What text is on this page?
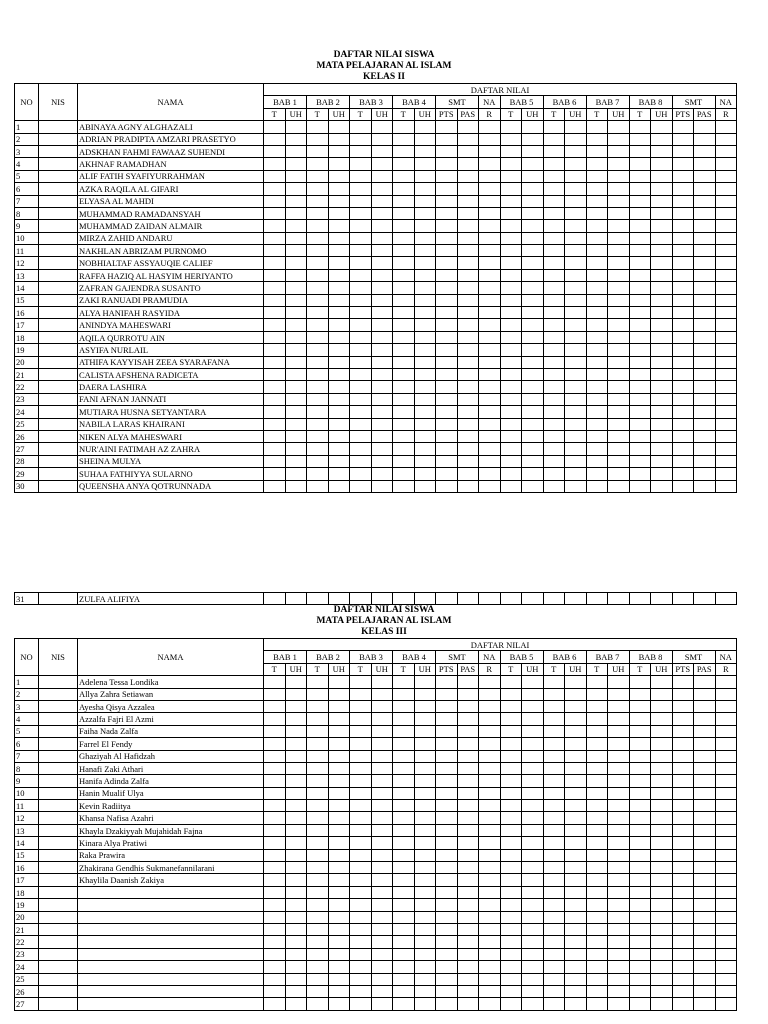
DAFTAR NILAI SISWA
MATA PELAJARAN AL ISLAM
KELAS II
NO	NIS	NAMA	DAFTAR NILAI																					
			BAB 1		BAB 2		BAB 3		BAB 4		SMT		NA	BAB 5		BAB 6		BAB 7		BAB 8		SMT		NA
			T	UH	T	UH	T	UH	T	UH	PTS	PAS	R	T	UH	T	UH	T	UH	T	UH	PTS	PAS	R
1		ABINAYA AGNY ALGHAZALI																						
2		ADRIAN PRADIPTA AMZARI PRASETYO																						
3		ADSKHAN FAHMI FAWAAZ SUHENDI																						
4		AKHNAF RAMADHAN																						
5		ALIF FATIH SYAFIYURRAHMAN																						
6		AZKA RAQILA AL GIFARI																						
7		ELYASA AL MAHDI																						
8		MUHAMMAD RAMADANSYAH																						
9		MUHAMMAD ZAIDAN ALMAIR																						
10		MIRZA ZAHID ANDARU																						
11		NAKHLAN ABRIZAM PURNOMO																						
12		NOBHIALTAF ASSYAUQIE CALIEF																						
13		RAFFA HAZIQ AL HASYIM HERIYANTO																						
14		ZAFRAN GAJENDRA SUSANTO																						
15		ZAKI RANUADI PRAMUDIA																						
16		ALYA HANIFAH RASYIDA																						
17		ANINDYA MAHESWARI																						
18		AQILA QURROTU AIN																						
19		ASYIFA NURLAIL																						
20		ATHIFA KAYYISAH ZEEA SYARAFANA																						
21		CALISTA AFSHENA RADICETA																						
22		DAERA LASHIRA																						
23		FANI AFNAN JANNATI																						
24		MUTIARA HUSNA SETYANTARA																						
25		NABILA LARAS KHAIRANI																						
26		NIKEN ALYA MAHESWARI																						
27		NUR'AINI FATIMAH AZ ZAHRA																						
28		SHEINA MULYA																						
29		SUHAA FATHIYYA SULARNO																						
30		QUEENSHA ANYA QOTRUNNADA																						
31		ZULFA ALIFIYA																						
DAFTAR NILAI SISWA
MATA PELAJARAN AL ISLAM
KELAS III
NO	NIS	NAMA	DAFTAR NILAI																					
			BAB 1		BAB 2		BAB 3		BAB 4		SMT		NA	BAB 5		BAB 6		BAB 7		BAB 8		SMT		NA
			T	UH	T	UH	T	UH	T	UH	PTS	PAS	R	T	UH	T	UH	T	UH	T	UH	PTS	PAS	R
1		Adelena Tessa Londika																						
2		Allya Zahra Setiawan																						
3		Ayesha Qisya Azzalea																						
4		Azzalfa Fajri El Azmi																						
5		Faiha Nada Zalfa																						
6		Farrel El Fendy																						
7		Ghaziyah Al Hafidzah																						
8		Hanafi Zaki Athari																						
9		Hanifa Adinda Zalfa																						
10		Hanin Mualif Ulya																						
11		Kevin Radiitya																						
12		Khansa Nafisa Azahri																						
13		Khayla Dzakiyyah Mujahidah Fajna																						
14		Kinara Alya Pratiwi																						
15		Raka Prawira																						
16		Zhakirana Gendhis Sukmanefannilarani																						
17		Khaylila Daanish Zakiya																						
18																								
19																								
20																								
21																								
22																								
23																								
24																								
25																								
26																								
27																								
